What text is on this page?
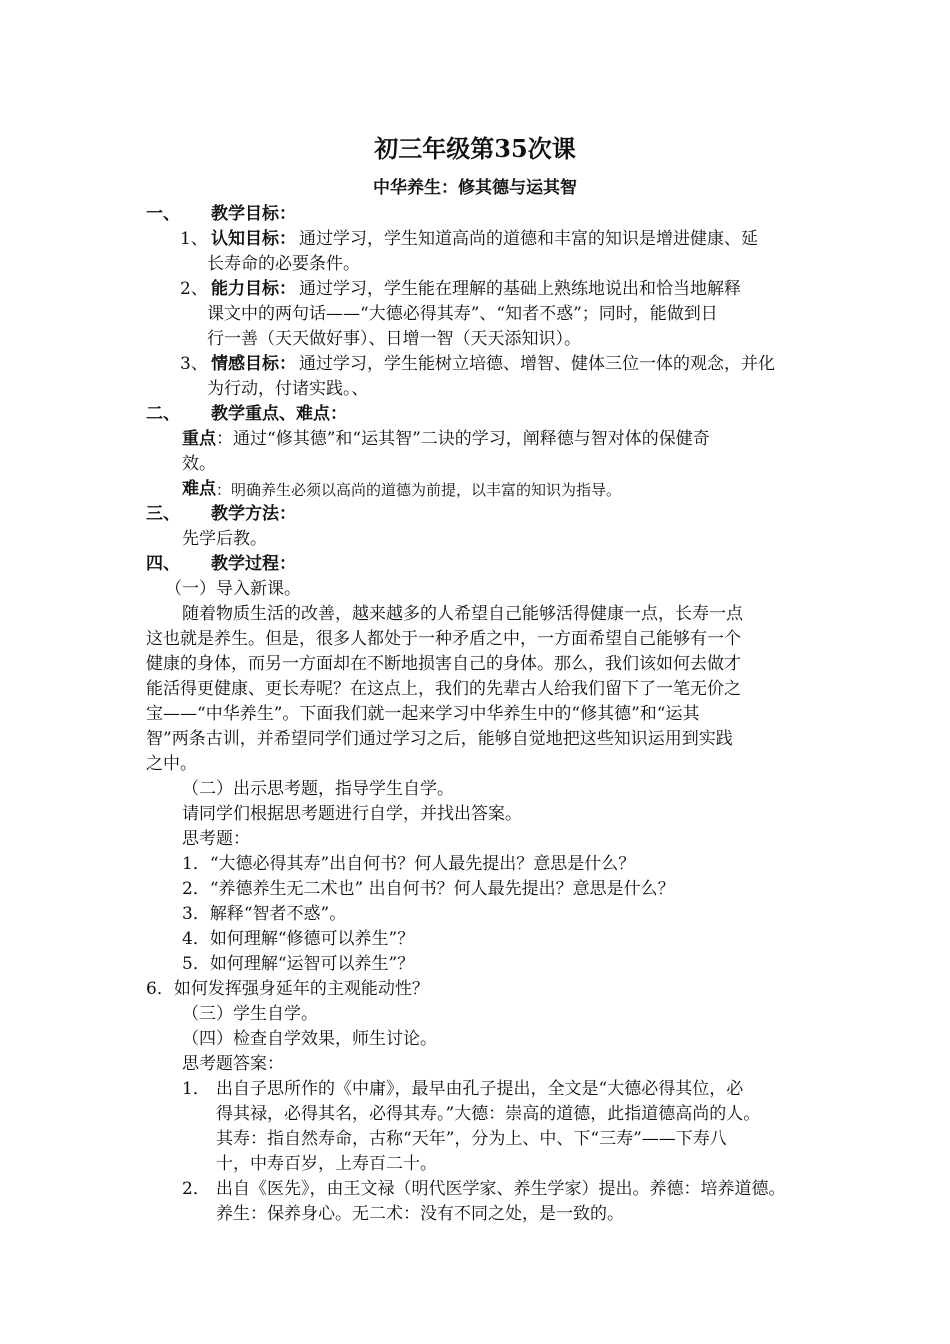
初三年级第35次课
中华养生：修其德与运其智
一、 教学目标：
1、 认知目标： 通过学习，学生知道高尚的道德和丰富的知识是增进健康、延
长寿命的必要条件。
2、 能力目标： 通过学习，学生能在理解的基础上熟练地说出和恰当地解释
课文中的两句话——“大德必得其寿”、“知者不惑”；同时，能做到日
行一善（天天做好事）、日增一智（天天添知识）。
3、 情感目标： 通过学习，学生能树立培德、增智、健体三位一体的观念，并化
为行动，付诸实践。、
二、 教学重点、难点：
重点 ：通过“修其德”和“运其智”二诀的学习，阐释德与智对体的保健奇
效。
难点 ：明确养生必须以高尚的道德为前提，以丰富的知识为指导。
三、 教学方法：
先学后教。
四、 教学过程：
（一）导入新课。
随着物质生活的改善，越来越多的人希望自己能够活得健康一点，长寿一点
这也就是养生。但是，很多人都处于一种矛盾之中，一方面希望自己能够有一个
健康的身体，而另一方面却在不断地损害自己的身体。那么，我们该如何去做才
能活得更健康、更长寿呢？在这点上，我们的先辈古人给我们留下了一笔无价之
宝——“中华养生”。下面我们就一起来学习中华养生中的“修其德”和“运其
智”两条古训，并希望同学们通过学习之后，能够自觉地把这些知识运用到实践
之中。
（二）出示思考题，指导学生自学。
请同学们根据思考题进行自学，并找出答案。
思考题：
1．“大德必得其寿”出自何书？何人最先提出？意思是什么？
2．“养德养生无二术也” 出自何书？何人最先提出？意思是什么？
3．解释“智者不惑”。
4．如何理解“修德可以养生”？
5．如何理解“运智可以养生”？
6．如何发挥强身延年的主观能动性？
（三）学生自学。
（四）检查自学效果，师生讨论。
思考题答案：
1． 出自子思所作的《中庸》，最早由孔子提出，全文是“大德必得其位，必
得其禄，必得其名，必得其寿。”大德：崇高的道德，此指道德高尚的人。
其寿：指自然寿命，古称“天年”，分为上、中、下“三寿”——下寿八
十，中寿百岁，上寿百二十。
2． 出自《医先》，由王文禄（明代医学家、养生学家）提出。养德：培养道德。
养生：保养身心。无二术：没有不同之处，是一致的。
